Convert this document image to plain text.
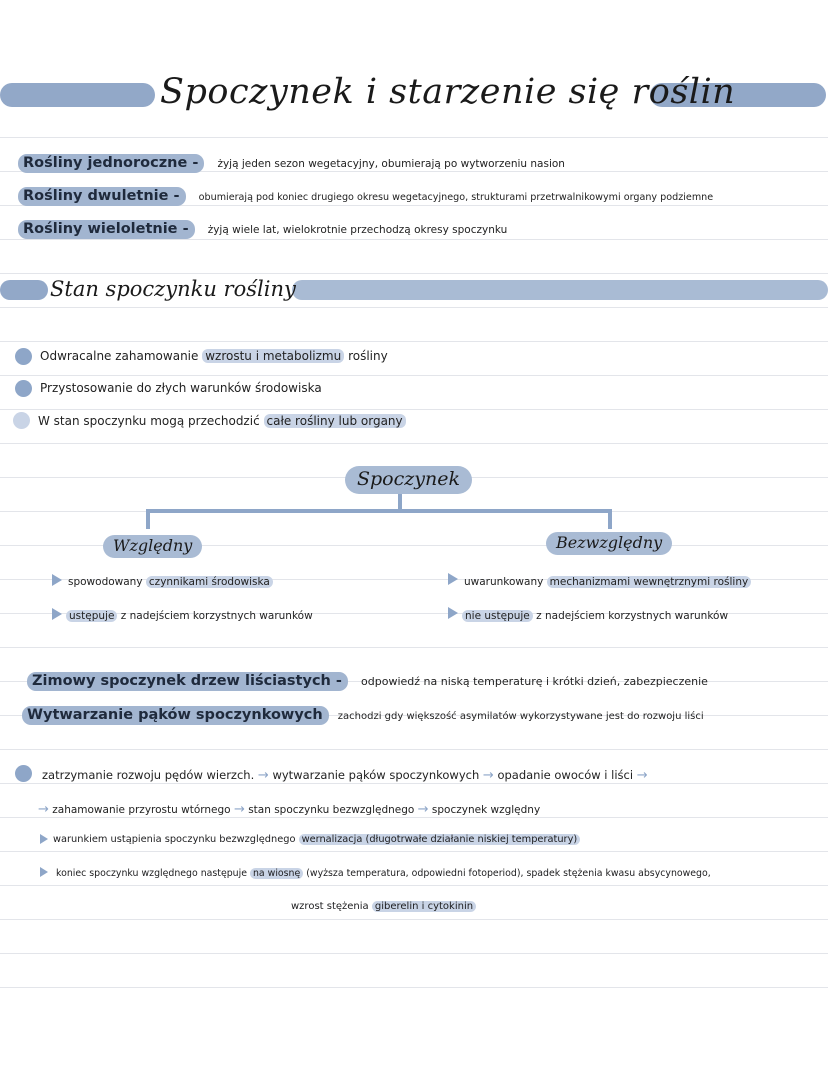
Spoczynek i starzenie się roślin
Rośliny jednoroczne - żyją jeden sezon wegetacyjny, obumierają po wytworzeniu nasion
Rośliny dwuletnie - obumierają pod koniec drugiego okresu wegetacyjnego, strukturami przetrwalnikowymi organy podziemne
Rośliny wieloletnie - żyją wiele lat, wielokrotnie przechodzą okresy spoczynku
Stan spoczynku rośliny
Odwracalne zahamowanie wzrostu i metabolizmu rośliny
Przystosowanie do złych warunków środowiska
W stan spoczynku mogą przechodzić całe rośliny lub organy
Spoczynek
Względny	Bezwzględny
spowodowany czynnikami środowiska
ustępuje z nadejściem korzystnych warunków
uwarunkowany mechanizmami wewnętrznymi rośliny
nie ustępuje z nadejściem korzystnych warunków
Zimowy spoczynek drzew liściastych - odpowiedź na niską temperaturę i krótki dzień, zabezpieczenie
Wytwarzanie pąków spoczynkowych zachodzi gdy większość asymilatów wykorzystywane jest do rozwoju liści
zatrzymanie rozwoju pędów wierzch. → wytwarzanie pąków spoczynkowych → opadanie owoców i liści →
→ zahamowanie przyrostu wtórnego → stan spoczynku bezwzględnego → spoczynek względny
warunkiem ustąpienia spoczynku bezwzględnego wernalizacja (długotrwałe działanie niskiej temperatury)
koniec spoczynku względnego następuje na wiosnę (wyższa temperatura, odpowiedni fotoperiod), spadek stężenia kwasu absycynowego,
wzrost stężenia giberelin i cytokinin
